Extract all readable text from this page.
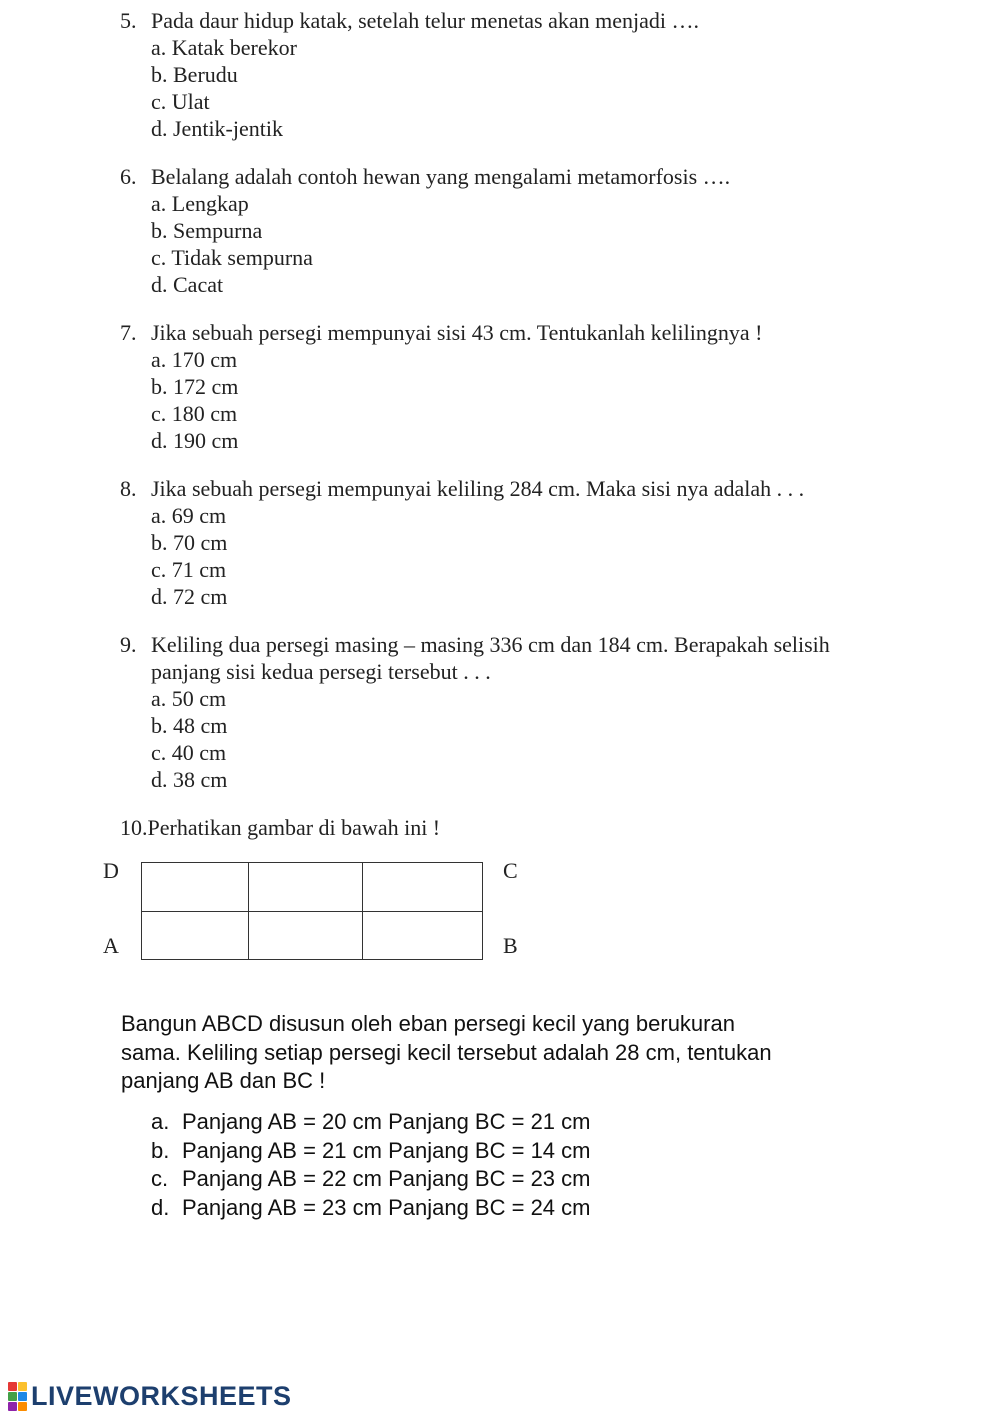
5. Pada daur hidup katak, setelah telur menetas akan menjadi ….
a. Katak berekor
b. Berudu
c. Ulat
d. Jentik-jentik
6. Belalang adalah contoh hewan yang mengalami metamorfosis ….
a. Lengkap
b. Sempurna
c. Tidak sempurna
d. Cacat
7. Jika sebuah persegi mempunyai sisi 43 cm. Tentukanlah kelilingnya !
a. 170 cm
b. 172 cm
c. 180 cm
d. 190 cm
8. Jika sebuah persegi mempunyai keliling 284 cm. Maka sisi nya adalah . . .
a. 69 cm
b. 70 cm
c. 71 cm
d. 72 cm
9. Keliling dua persegi masing – masing 336 cm dan 184 cm. Berapakah selisih
panjang sisi kedua persegi tersebut . . .
a. 50 cm
b. 48 cm
c. 40 cm
d. 38 cm
10.Perhatikan gambar di bawah ini !
D	C
A	B
Bangun ABCD disusun oleh eban persegi kecil yang berukuran
sama. Keliling setiap persegi kecil tersebut adalah 28 cm, tentukan
panjang AB dan BC !
a. Panjang AB = 20 cm Panjang BC = 21 cm
b. Panjang AB = 21 cm Panjang BC = 14 cm
c. Panjang AB = 22 cm Panjang BC = 23 cm
d. Panjang AB = 23 cm Panjang BC = 24 cm
LIVEWORKSHEETS
